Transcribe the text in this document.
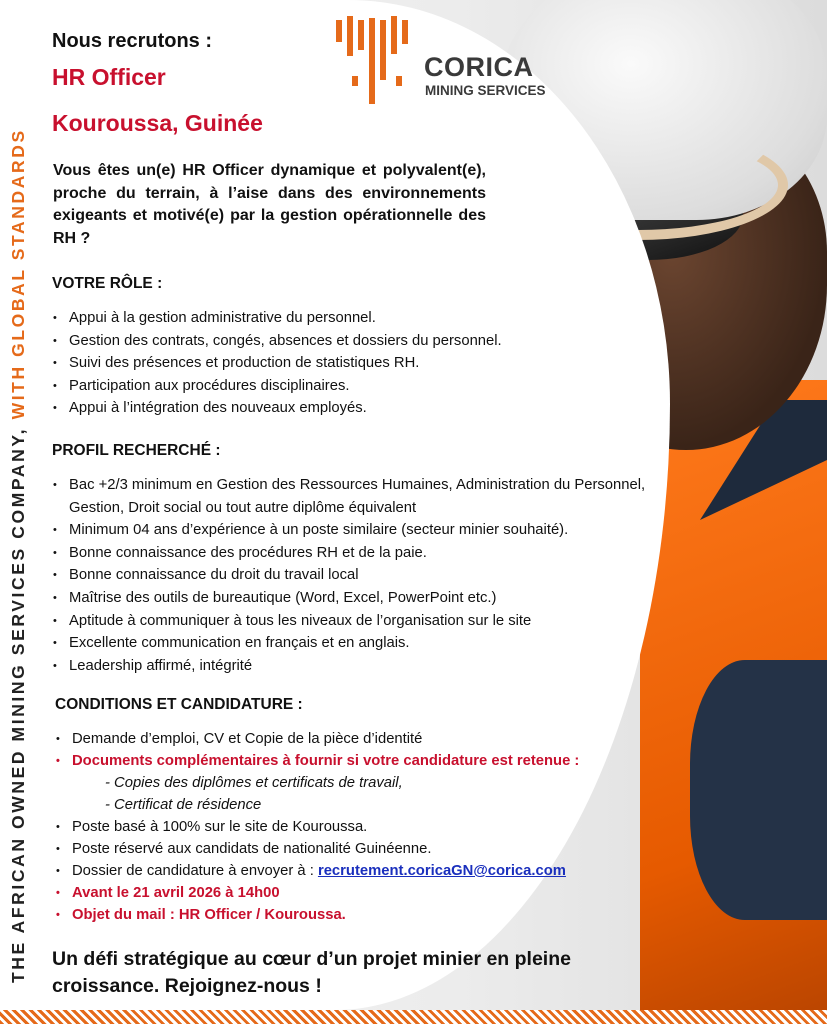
THE AFRICAN OWNED MINING SERVICES COMPANY, WITH GLOBAL STANDARDS
CORICA
MINING SERVICES
Nous recrutons :
HR Officer
Kouroussa, Guinée
Vous êtes un(e) HR Officer dynamique et polyvalent(e), proche du terrain, à l’aise dans des environnements exigeants et motivé(e) par la gestion opérationnelle des RH ?
VOTRE RÔLE :
• Appui à la gestion administrative du personnel.
• Gestion des contrats, congés, absences et dossiers du personnel.
• Suivi des présences et production de statistiques RH.
• Participation aux procédures disciplinaires.
• Appui à l’intégration des nouveaux employés.
PROFIL RECHERCHÉ :
• Bac +2/3 minimum en Gestion des Ressources Humaines, Administration du Personnel, Gestion, Droit social ou tout autre diplôme équivalent
• Minimum 04 ans d’expérience à un poste similaire (secteur minier souhaité).
• Bonne connaissance des procédures RH et de la paie.
• Bonne connaissance du droit du travail local
• Maîtrise des outils de bureautique (Word, Excel, PowerPoint etc.)
• Aptitude à communiquer à tous les niveaux de l’organisation sur le site
• Excellente communication en français et en anglais.
• Leadership affirmé, intégrité
CONDITIONS ET CANDIDATURE :
• Demande d’emploi, CV et Copie de la pièce d’identité
• Documents complémentaires à fournir si votre candidature est retenue :
- Copies des diplômes et certificats de travail,
- Certificat de résidence
• Poste basé à 100% sur le site de Kouroussa.
• Poste réservé aux candidats de nationalité Guinéenne.
• Dossier de candidature à envoyer à : recrutement.coricaGN@corica.com
• Avant le 21 avril 2026 à 14h00
• Objet du mail : HR Officer / Kouroussa.
Un défi stratégique au cœur d’un projet minier en pleine
croissance. Rejoignez-nous !
